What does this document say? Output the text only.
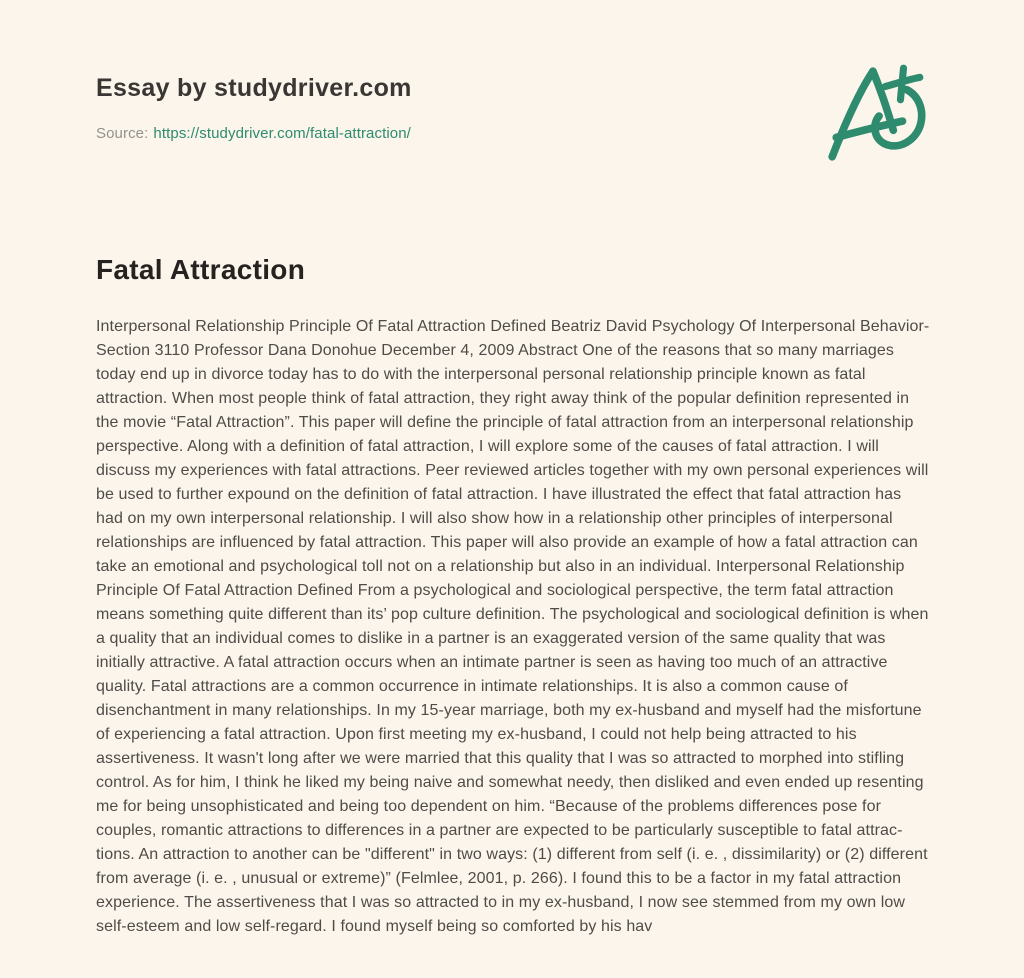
Essay by studydriver.com
Source: https://studydriver.com/fatal-attraction/
Fatal Attraction

Interpersonal Relationship Principle Of Fatal Attraction Defined Beatriz David Psychology Of Interpersonal Behavior- Section 3110 Professor Dana Donohue December 4, 2009 Abstract One of the reasons that so many marriages today end up in divorce today has to do with the interpersonal personal relationship principle known as fatal attraction. When most people think of fatal attraction, they right away think of the popular definition represented in the movie “Fatal Attraction”. This paper will define the principle of fatal attraction from an interpersonal relationship perspective. Along with a definition of fatal attraction, I will explore some of the causes of fatal attraction. I will discuss my experiences with fatal attractions. Peer reviewed articles together with my own personal experiences will be used to further expound on the definition of fatal attraction. I have illustrated the effect that fatal attraction has had on my own interpersonal relationship. I will also show how in a relationship other principles of interpersonal relationships are influenced by fatal attraction. This paper will also provide an example of how a fatal attraction can take an emotional and psychological toll not on a relationship but also in an individual. Interpersonal Relationship Principle Of Fatal Attraction Defined From a psychological and sociological perspective, the term fatal attraction means something quite different than its’ pop culture definition. The psychological and sociological definition is when a quality that an individual comes to dislike in a partner is an exaggerated version of the same quality that was initially attractive. A fatal attraction occurs when an intimate partner is seen as having too much of an attractive quality. Fatal attractions are a common occurrence in intimate relationships. It is also a common cause of disenchantment in many relationships. In my 15-year marriage, both my ex-husband and myself had the misfortune of experiencing a fatal attraction. Upon first meeting my ex-husband, I could not help being attracted to his assertiveness. It wasn't long after we were married that this quality that I was so attracted to morphed into stifling control. As for him, I think he liked my being naive and somewhat needy, then disliked and even ended up resenting me for being unsophisticated and being too dependent on him. “Because of the problems differences pose for couples, romantic attractions to differences in a partner are expected to be particularly susceptible to fatal attrac-tions. An attraction to another can be "different" in two ways: (1) different from self (i. e. , dissimilarity) or (2) different from average (i. e. , unusual or extreme)” (Felmlee, 2001, p. 266). I found this to be a factor in my fatal attraction experience. The assertiveness that I was so attracted to in my ex-husband, I now see stemmed from my own low self-esteem and low self-regard. I found myself being so comforted by his hav
